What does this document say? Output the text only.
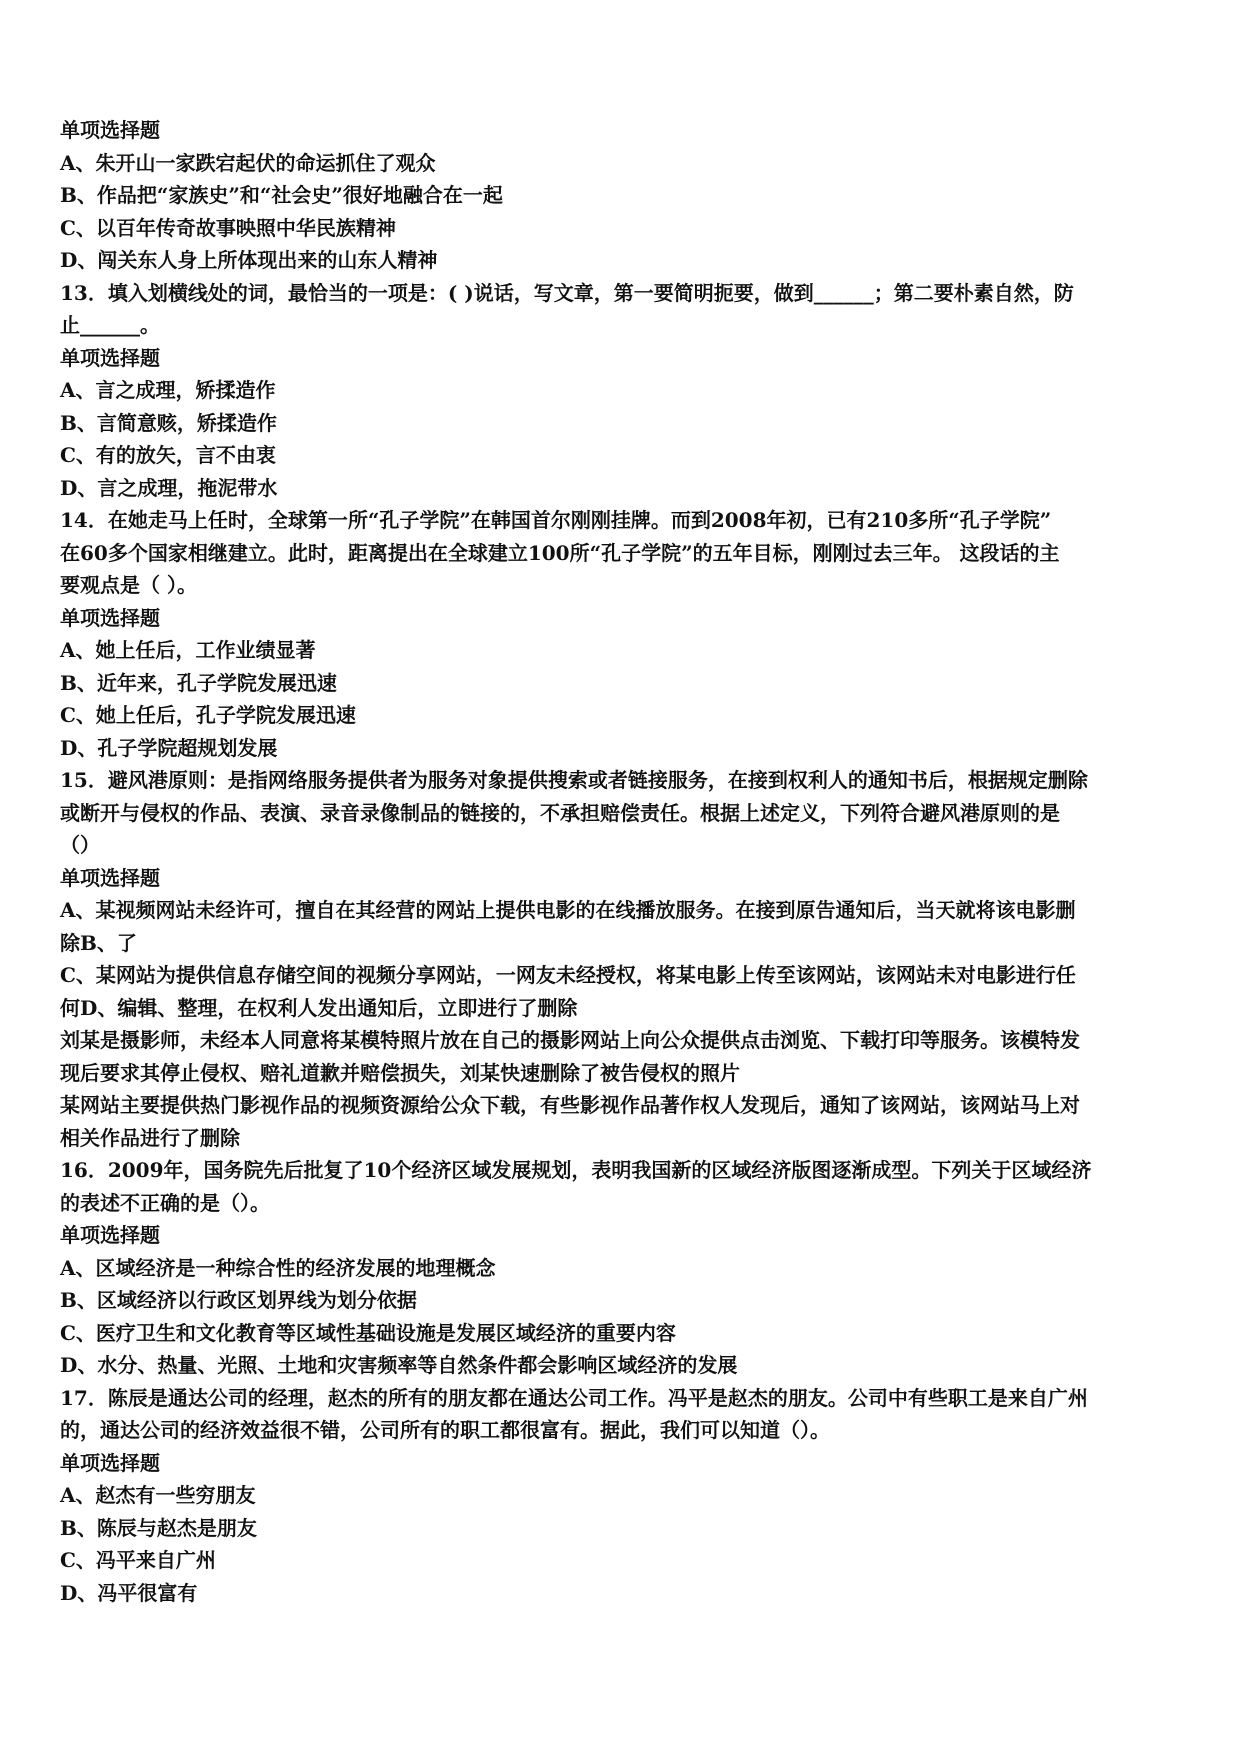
单项选择题

A、朱开山一家跌宕起伏的命运抓住了观众

B、作品把“家族史”和“社会史”很好地融合在一起

C、以百年传奇故事映照中华民族精神

D、闯关东人身上所体现出来的山东人精神

13．填入划横线处的词，最恰当的一项是：( )说话，写文章，第一要简明扼要，做到______；第二要朴素自然，防

止______。

单项选择题

A、言之成理，矫揉造作

B、言简意赅，矫揉造作

C、有的放矢，言不由衷

D、言之成理，拖泥带水

14．在她走马上任时，全球第一所“孔子学院”在韩国首尔刚刚挂牌。而到2008年初，已有210多所“孔子学院”

在60多个国家相继建立。此时，距离提出在全球建立100所“孔子学院”的五年目标，刚刚过去三年。 这段话的主

要观点是（ ）。

单项选择题

A、她上任后，工作业绩显著

B、近年来，孔子学院发展迅速

C、她上任后，孔子学院发展迅速

D、孔子学院超规划发展

15．避风港原则：是指网络服务提供者为服务对象提供搜索或者链接服务，在接到权利人的通知书后，根据规定删除

或断开与侵权的作品、表演、录音录像制品的链接的，不承担赔偿责任。根据上述定义，下列符合避风港原则的是

（）

单项选择题

A、某视频网站未经许可，擅自在其经营的网站上提供电影的在线播放服务。在接到原告通知后，当天就将该电影删

除B、了

C、某网站为提供信息存储空间的视频分享网站，一网友未经授权，将某电影上传至该网站，该网站未对电影进行任

何D、编辑、整理，在权利人发出通知后，立即进行了删除

刘某是摄影师，未经本人同意将某模特照片放在自己的摄影网站上向公众提供点击浏览、下载打印等服务。该模特发

现后要求其停止侵权、赔礼道歉并赔偿损失，刘某快速删除了被告侵权的照片

某网站主要提供热门影视作品的视频资源给公众下载，有些影视作品著作权人发现后，通知了该网站，该网站马上对

相关作品进行了删除

16．2009年，国务院先后批复了10个经济区域发展规划，表明我国新的区域经济版图逐渐成型。下列关于区域经济

的表述不正确的是（）。

单项选择题

A、区域经济是一种综合性的经济发展的地理概念

B、区域经济以行政区划界线为划分依据

C、医疗卫生和文化教育等区域性基础设施是发展区域经济的重要内容

D、水分、热量、光照、土地和灾害频率等自然条件都会影响区域经济的发展

17．陈辰是通达公司的经理，赵杰的所有的朋友都在通达公司工作。冯平是赵杰的朋友。公司中有些职工是来自广州

的，通达公司的经济效益很不错，公司所有的职工都很富有。据此，我们可以知道（）。

单项选择题

A、赵杰有一些穷朋友

B、陈辰与赵杰是朋友

C、冯平来自广州

D、冯平很富有
